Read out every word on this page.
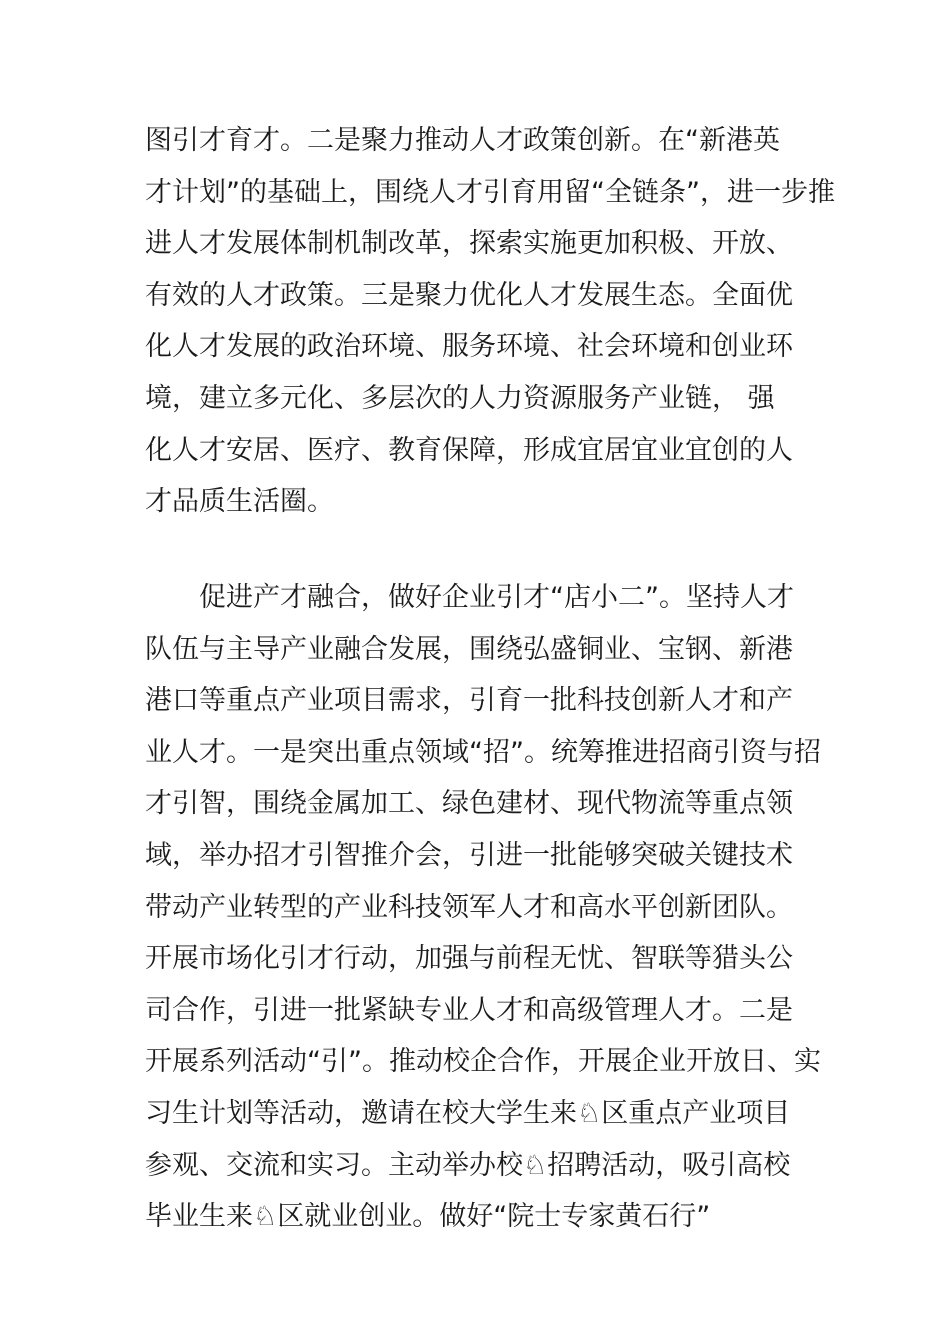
图引才育才。二是聚力推动人才政策创新。在“新港英
才计划”的基础上，围绕人才引育用留“全链条”，进一步推
进人才发展体制机制改革，探索实施更加积极、开放、
有效的人才政策。三是聚力优化人才发展生态。全面优
化人才发展的政治环境、服务环境、社会环境和创业环
境，建立多元化、多层次的人力资源服务产业链， 强
化人才安居、医疗、教育保障，形成宜居宜业宜创的人
才品质生活圈。

　　促进产才融合，做好企业引才“店小二”。坚持人才
队伍与主导产业融合发展，围绕弘盛铜业、宝钢、新港
港口等重点产业项目需求，引育一批科技创新人才和产
业人才。一是突出重点领域“招”。统筹推进招商引资与招
才引智，围绕金属加工、绿色建材、现代物流等重点领
域，举办招才引智推介会，引进一批能够突破关键技术
带动产业转型的产业科技领军人才和高水平创新团队。
开展市场化引才行动，加强与前程无忧、智联等猎头公
司合作，引进一批紧缺专业人才和高级管理人才。二是
开展系列活动“引”。推动校企合作，开展企业开放日、实
习生计划等活动，邀请在校大学生来♘区重点产业项目
参观、交流和实习。主动举办校♘招聘活动，吸引高校
毕业生来♘区就业创业。做好“院士专家黄石行”
